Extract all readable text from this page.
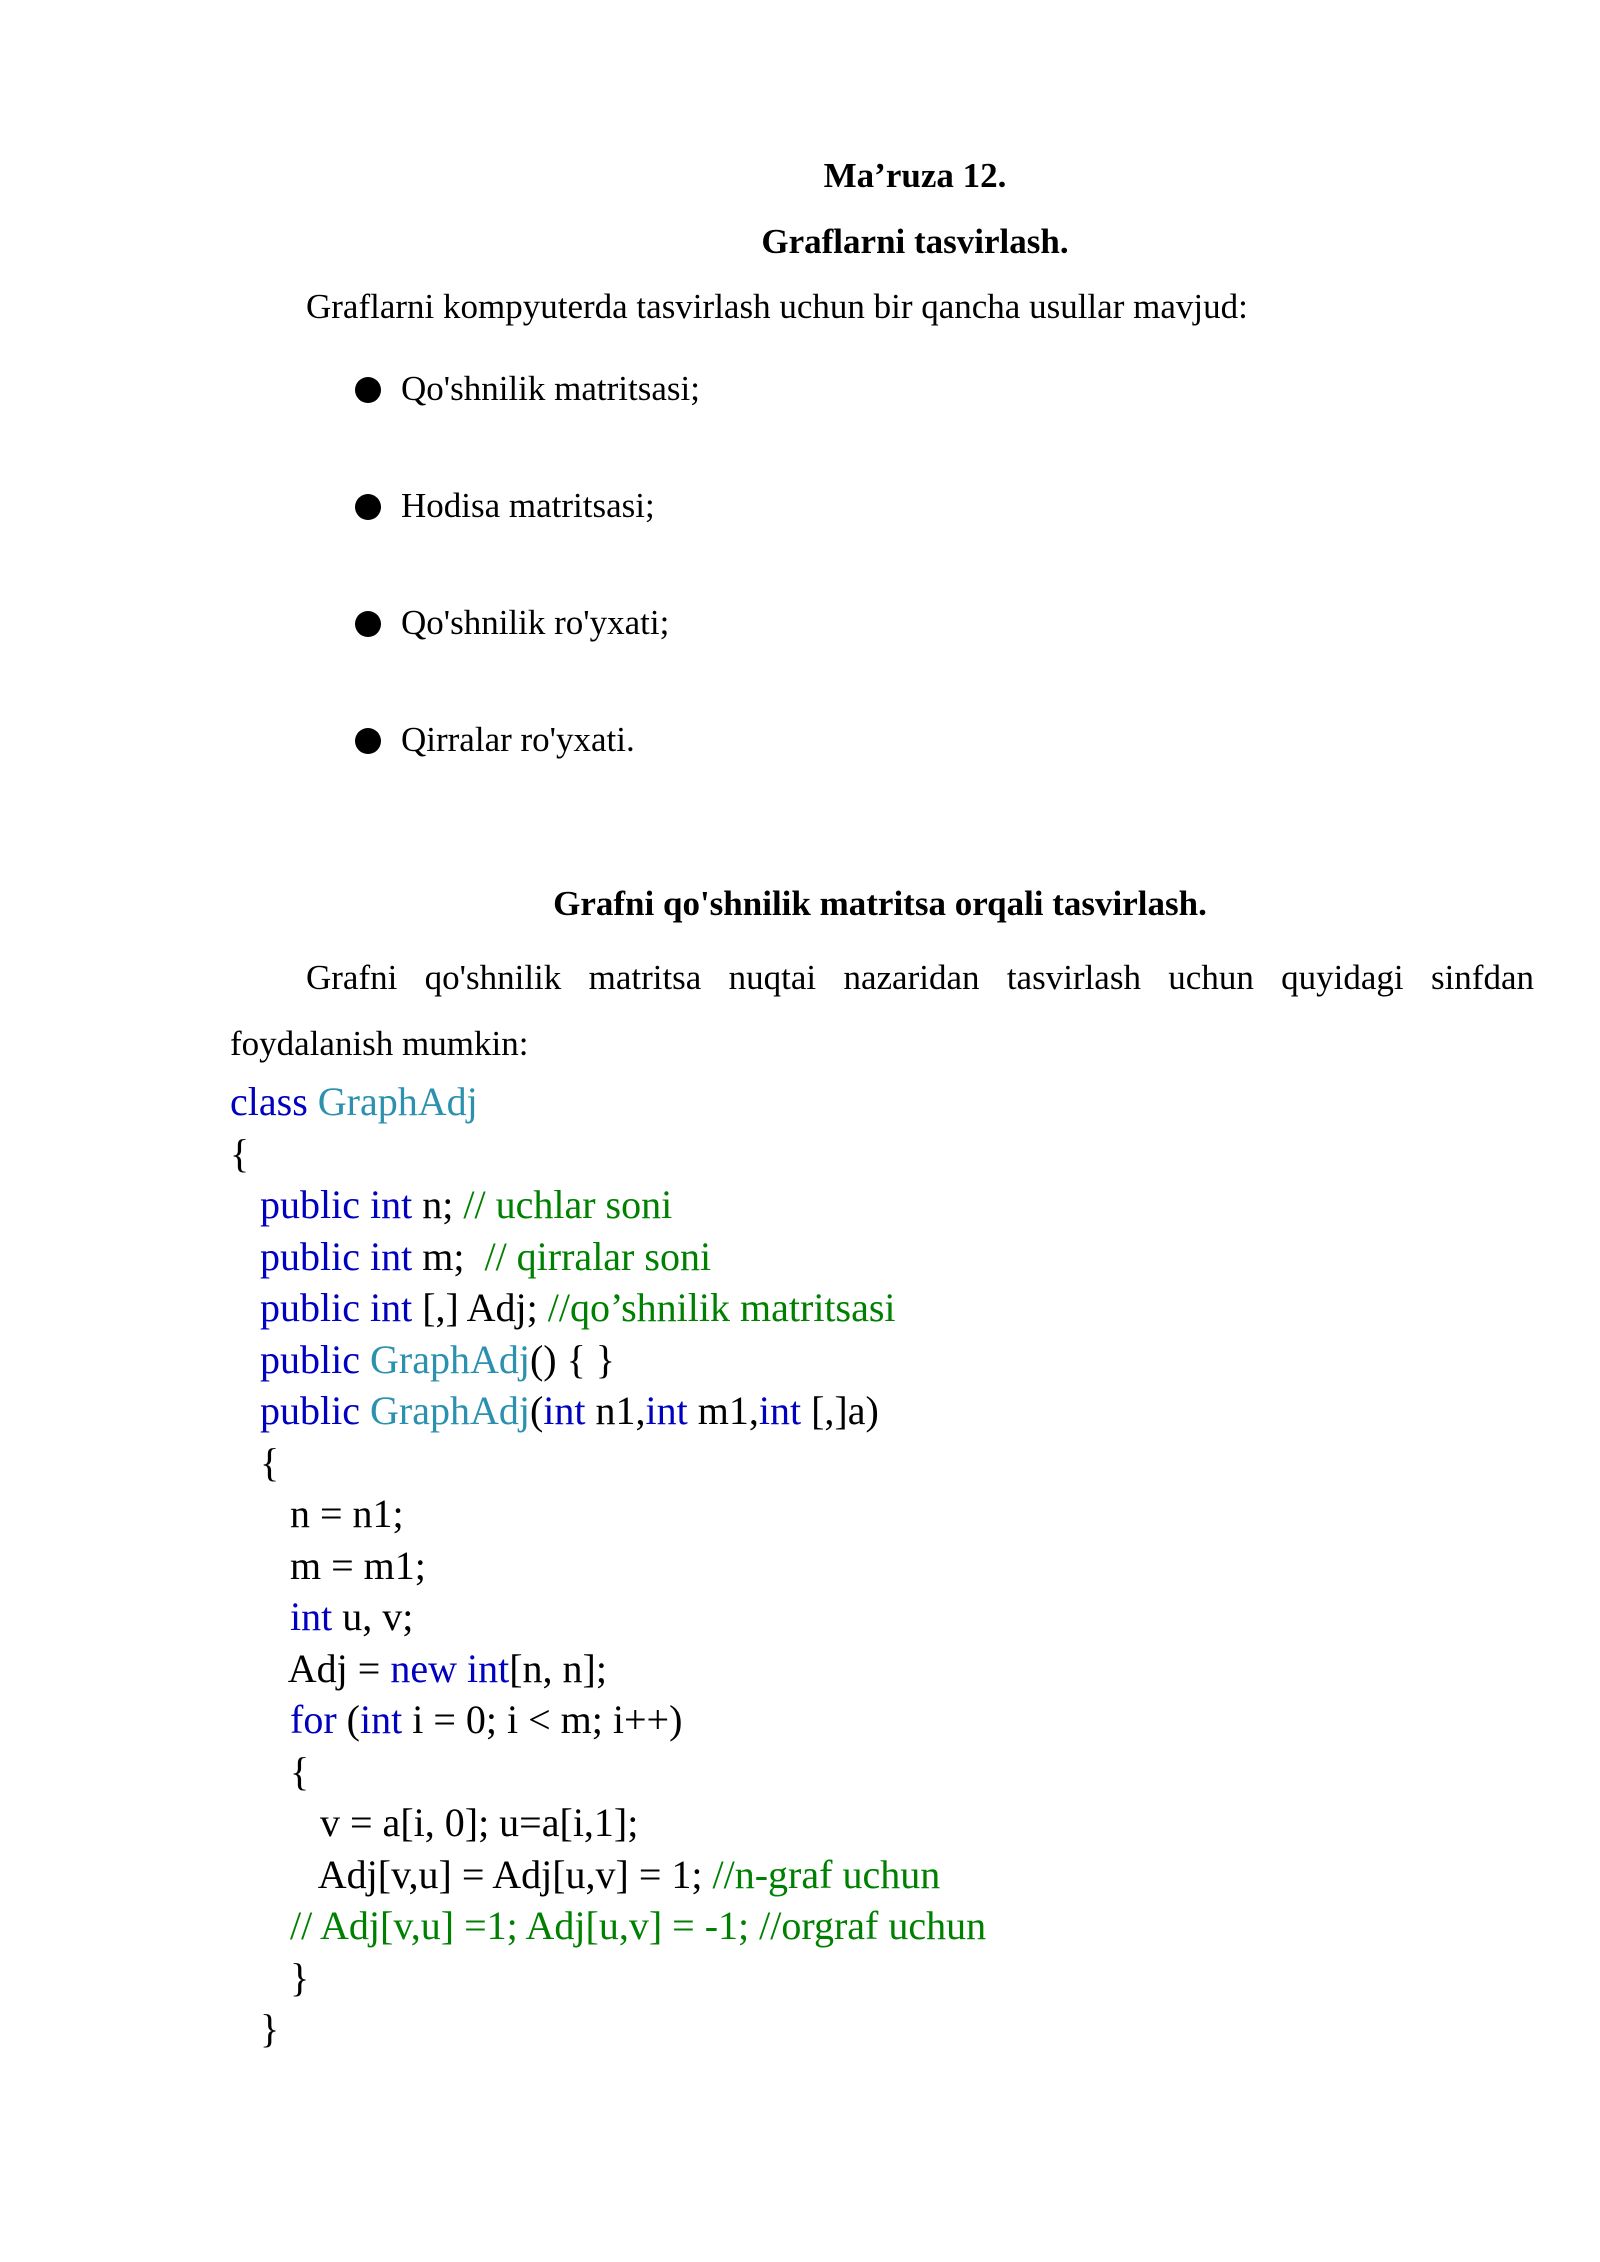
Ma’ruza 12.
Graflarni tasvirlash.
Graflarni kompyuterda tasvirlash uchun bir qancha usullar mavjud:
Qo'shnilik matritsasi;
Hodisa matritsasi;
Qo'shnilik ro'yxati;
Qirralar ro'yxati.
Grafni qo'shnilik matritsa orqali tasvirlash.
Grafni qo'shnilik matritsa nuqtai nazaridan tasvirlash uchun quyidagi sinfdan foydalanish mumkin:
class GraphAdj
{
public int n; // uchlar soni
public int m;  // qirralar soni
public int [,] Adj; //qo’shnilik matritsasi
public GraphAdj() { }
public GraphAdj(int n1,int m1,int [,]a)
{
n = n1;
m = m1;
int u, v;
Adj = new int[n, n];
for (int i = 0; i < m; i++)
{
v = a[i, 0]; u=a[i,1];
Adj[v,u] = Adj[u,v] = 1; //n-graf uchun
// Adj[v,u] =1; Adj[u,v] = -1; //orgraf uchun
}
}
